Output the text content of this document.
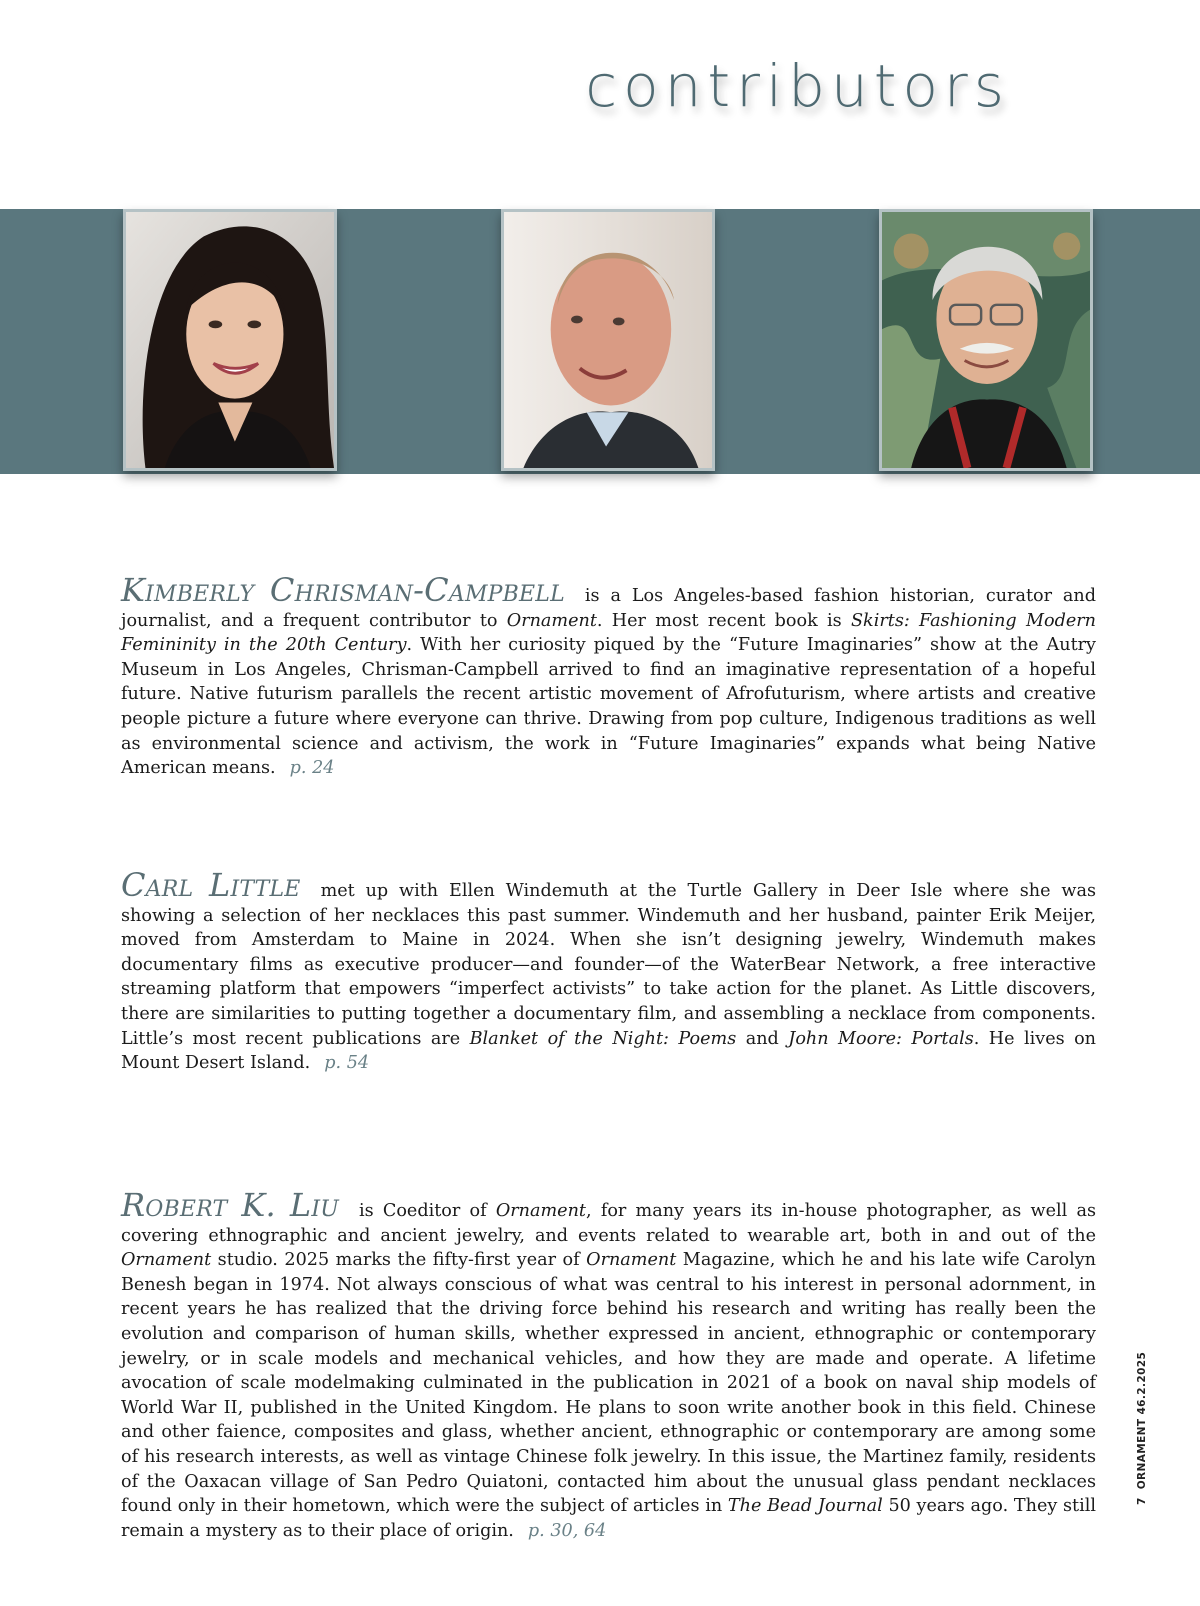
contributors

Kimberly Chrisman-Campbell is a Los Angeles-based fashion historian, curator and journalist, and a frequent contributor to Ornament. Her most recent book is Skirts: Fashioning Modern Femininity in the 20th Century. With her curiosity piqued by the “Future Imaginaries” show at the Autry Museum in Los Angeles, Chrisman-Campbell arrived to find an imaginative representation of a hopeful future. Native futurism parallels the recent artistic movement of Afrofuturism, where artists and creative people picture a future where everyone can thrive. Drawing from pop culture, Indigenous traditions as well as environmental science and activism, the work in “Future Imaginaries” expands what being Native American means. p. 24

Carl Little met up with Ellen Windemuth at the Turtle Gallery in Deer Isle where she was showing a selection of her necklaces this past summer. Windemuth and her husband, painter Erik Meijer, moved from Amsterdam to Maine in 2024. When she isn’t designing jewelry, Windemuth makes documentary films as executive producer—and founder—of the WaterBear Network, a free interactive streaming platform that empowers “imperfect activists” to take action for the planet. As Little discovers, there are similarities to putting together a documentary film, and assembling a necklace from components. Little’s most recent publications are Blanket of the Night: Poems and John Moore: Portals. He lives on Mount Desert Island. p. 54

Robert K. Liu is Coeditor of Ornament, for many years its in-house photographer, as well as covering ethnographic and ancient jewelry, and events related to wearable art, both in and out of the Ornament studio. 2025 marks the fifty-first year of Ornament Magazine, which he and his late wife Carolyn Benesh began in 1974. Not always conscious of what was central to his interest in personal adornment, in recent years he has realized that the driving force behind his research and writing has really been the evolution and comparison of human skills, whether expressed in ancient, ethnographic or contemporary jewelry, or in scale models and mechanical vehicles, and how they are made and operate. A lifetime avocation of scale modelmaking culminated in the publication in 2021 of a book on naval ship models of World War II, published in the United Kingdom. He plans to soon write another book in this field. Chinese and other faience, composites and glass, whether ancient, ethnographic or contemporary are among some of his research interests, as well as vintage Chinese folk jewelry. In this issue, the Martinez family, residents of the Oaxacan village of San Pedro Quiatoni, contacted him about the unusual glass pendant necklaces found only in their hometown, which were the subject of articles in The Bead Journal 50 years ago. They still remain a mystery as to their place of origin. p. 30, 64

7ORNAMENT 46.2.2025
